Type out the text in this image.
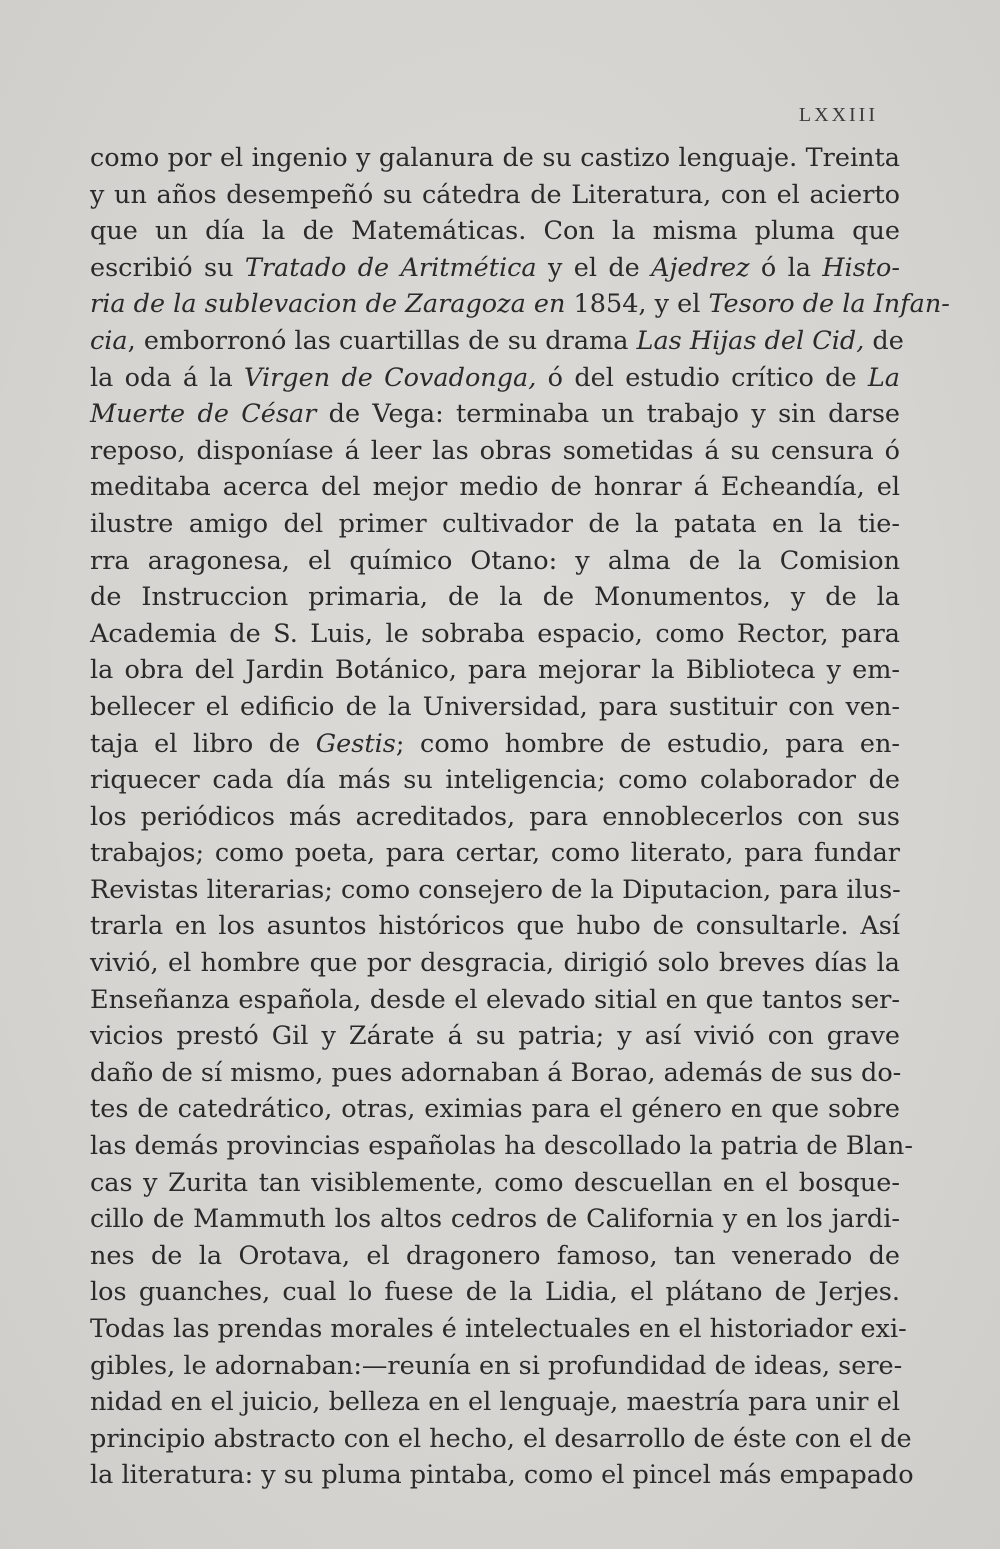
LXXIII
como por el ingenio y galanura de su castizo lenguaje. Treinta
y un años desempeñó su cátedra de Literatura, con el acierto
que un día la de Matemáticas. Con la misma pluma que
escribió su Tratado de Aritmética y el de Ajedrez ó la Histo-
ria de la sublevacion de Zaragoza en 1854, y el Tesoro de la Infan-
cia, emborronó las cuartillas de su drama Las Hijas del Cid, de
la oda á la Virgen de Covadonga, ó del estudio crítico de La
Muerte de César de Vega: terminaba un trabajo y sin darse
reposo, disponíase á leer las obras sometidas á su censura ó
meditaba acerca del mejor medio de honrar á Echeandía, el
ilustre amigo del primer cultivador de la patata en la tie-
rra aragonesa, el químico Otano: y alma de la Comision
de Instruccion primaria, de la de Monumentos, y de la
Academia de S. Luis, le sobraba espacio, como Rector, para
la obra del Jardin Botánico, para mejorar la Biblioteca y em-
bellecer el edificio de la Universidad, para sustituir con ven-
taja el libro de Gestis; como hombre de estudio, para en-
riquecer cada día más su inteligencia; como colaborador de
los periódicos más acreditados, para ennoblecerlos con sus
trabajos; como poeta, para certar, como literato, para fundar
Revistas literarias; como consejero de la Diputacion, para ilus-
trarla en los asuntos históricos que hubo de consultarle. Así
vivió, el hombre que por desgracia, dirigió solo breves días la
Enseñanza española, desde el elevado sitial en que tantos ser-
vicios prestó Gil y Zárate á su patria; y así vivió con grave
daño de sí mismo, pues adornaban á Borao, además de sus do-
tes de catedrático, otras, eximias para el género en que sobre
las demás provincias españolas ha descollado la patria de Blan-
cas y Zurita tan visiblemente, como descuellan en el bosque-
cillo de Mammuth los altos cedros de California y en los jardi-
nes de la Orotava, el dragonero famoso, tan venerado de
los guanches, cual lo fuese de la Lidia, el plátano de Jerjes.
Todas las prendas morales é intelectuales en el historiador exi-
gibles, le adornaban:—reunía en si profundidad de ideas, sere-
nidad en el juicio, belleza en el lenguaje, maestría para unir el
principio abstracto con el hecho, el desarrollo de éste con el de
la literatura: y su pluma pintaba, como el pincel más empapado
